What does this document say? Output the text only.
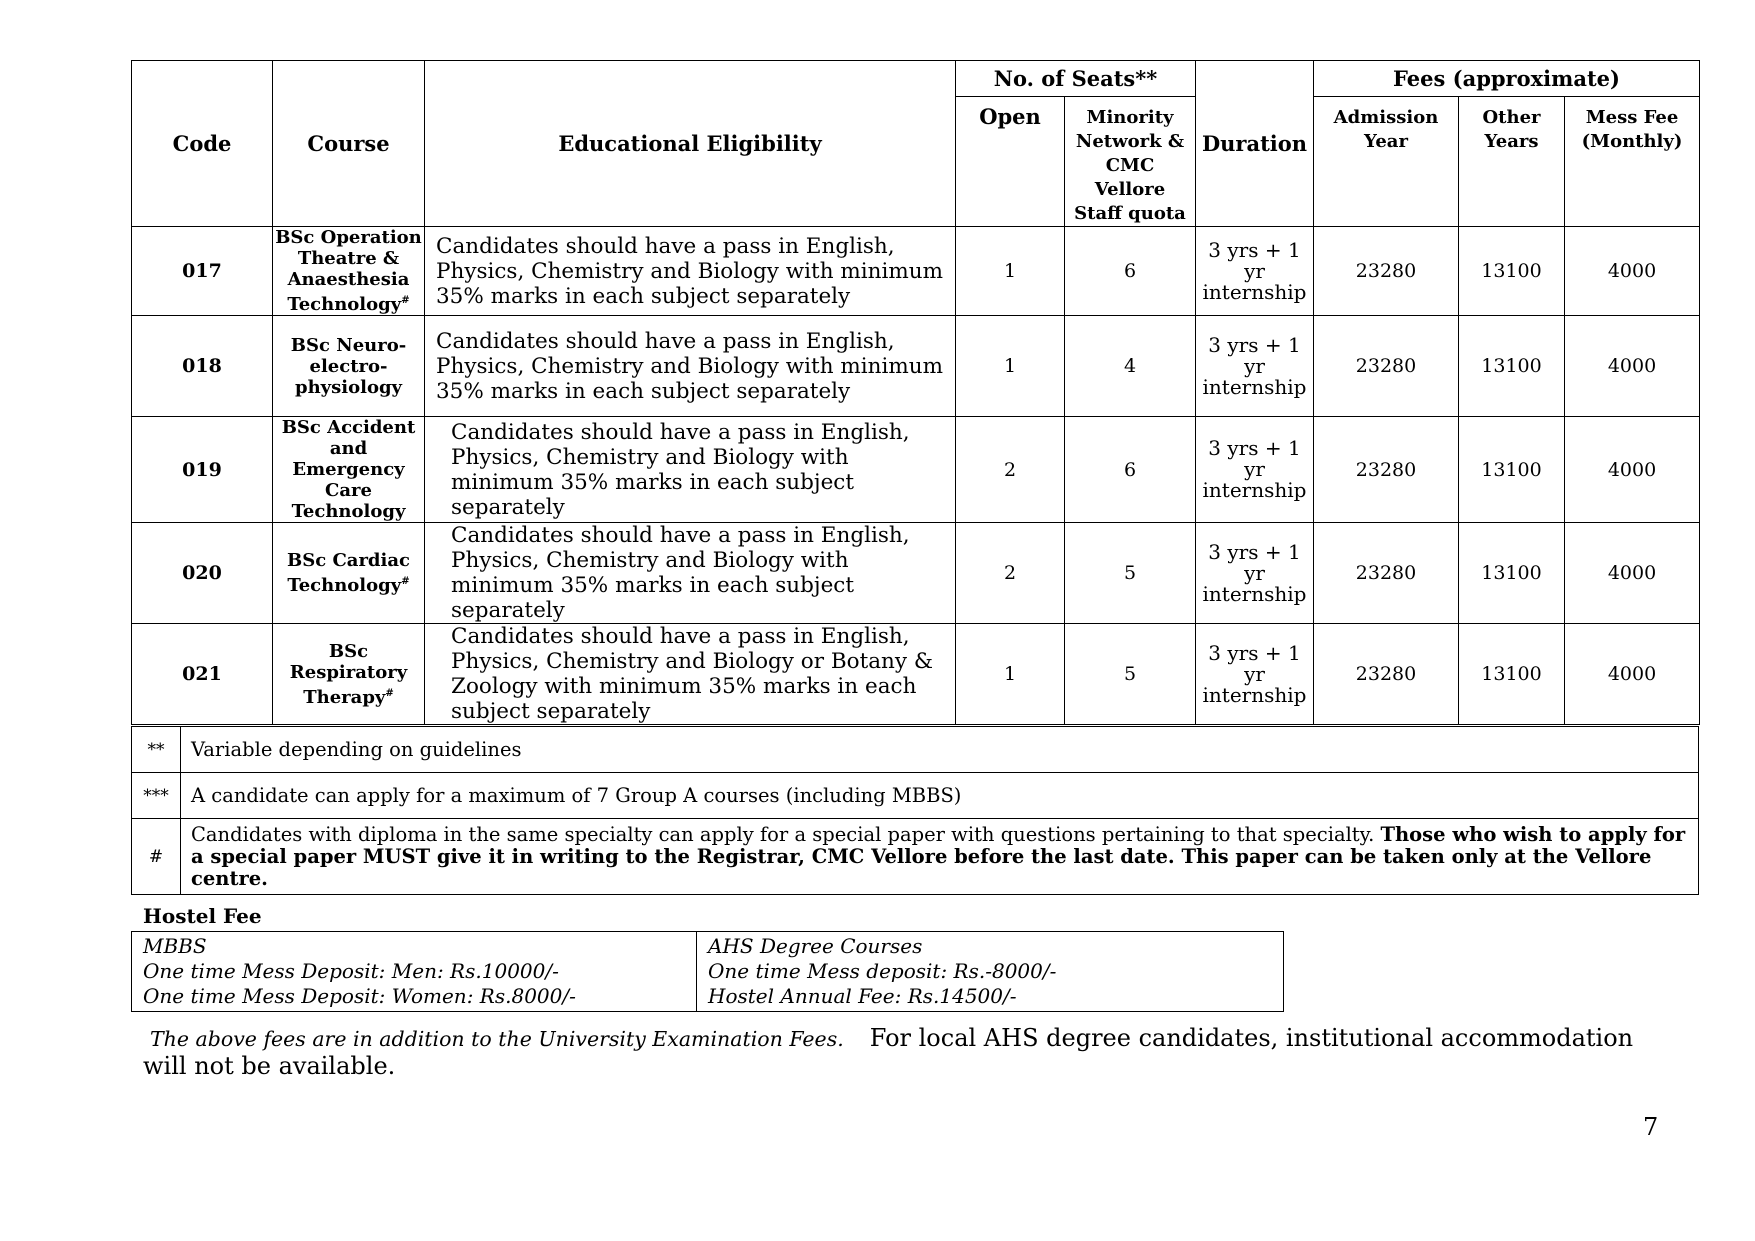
Code	Course	Educational Eligibility	No. of Seats**		Duration	Fees (approximate)		
			Open	Minority Network & CMC Vellore Staff quota		Admission Year	Other Years	Mess Fee (Monthly)
017	BSc Operation
Theatre &
Anaesthesia
Technology#	Candidates should have a pass in English, Physics, Chemistry and Biology with minimum 35% marks in each subject separately	1	6	3 yrs + 1 yr internship	23280	13100	4000
018	BSc Neuro-
electro-
physiology	Candidates should have a pass in English, Physics, Chemistry and Biology with minimum 35% marks in each subject separately	1	4	3 yrs + 1 yr internship	23280	13100	4000
019	BSc Accident
and
Emergency
Care
Technology	Candidates should have a pass in English, Physics, Chemistry and Biology with minimum 35% marks in each subject separately	2	6	3 yrs + 1 yr internship	23280	13100	4000
020	BSc Cardiac
Technology#	Candidates should have a pass in English, Physics, Chemistry and Biology with minimum 35% marks in each subject separately	2	5	3 yrs + 1 yr internship	23280	13100	4000
021	BSc
Respiratory
Therapy#	Candidates should have a pass in English, Physics, Chemistry and Biology or Botany & Zoology with minimum 35% marks in each subject separately	1	5	3 yrs + 1 yr internship	23280	13100	4000
**	Variable depending on guidelines
***	A candidate can apply for a maximum of 7 Group A courses (including MBBS)
#	Candidates with diploma in the same specialty can apply for a special paper with questions pertaining to that specialty. Those who wish to apply for a special paper MUST give it in writing to the Registrar, CMC Vellore before the last date. This paper can be taken only at the Vellore centre.
Hostel Fee
MBBS
One time Mess Deposit: Men: Rs.10000/-
One time Mess Deposit: Women: Rs.8000/-

AHS Degree Courses
One time Mess deposit: Rs.-8000/-
Hostel Annual Fee: Rs.14500/-
The above fees are in addition to the University Examination Fees. For local AHS degree candidates, institutional accommodation will not be available.
7
